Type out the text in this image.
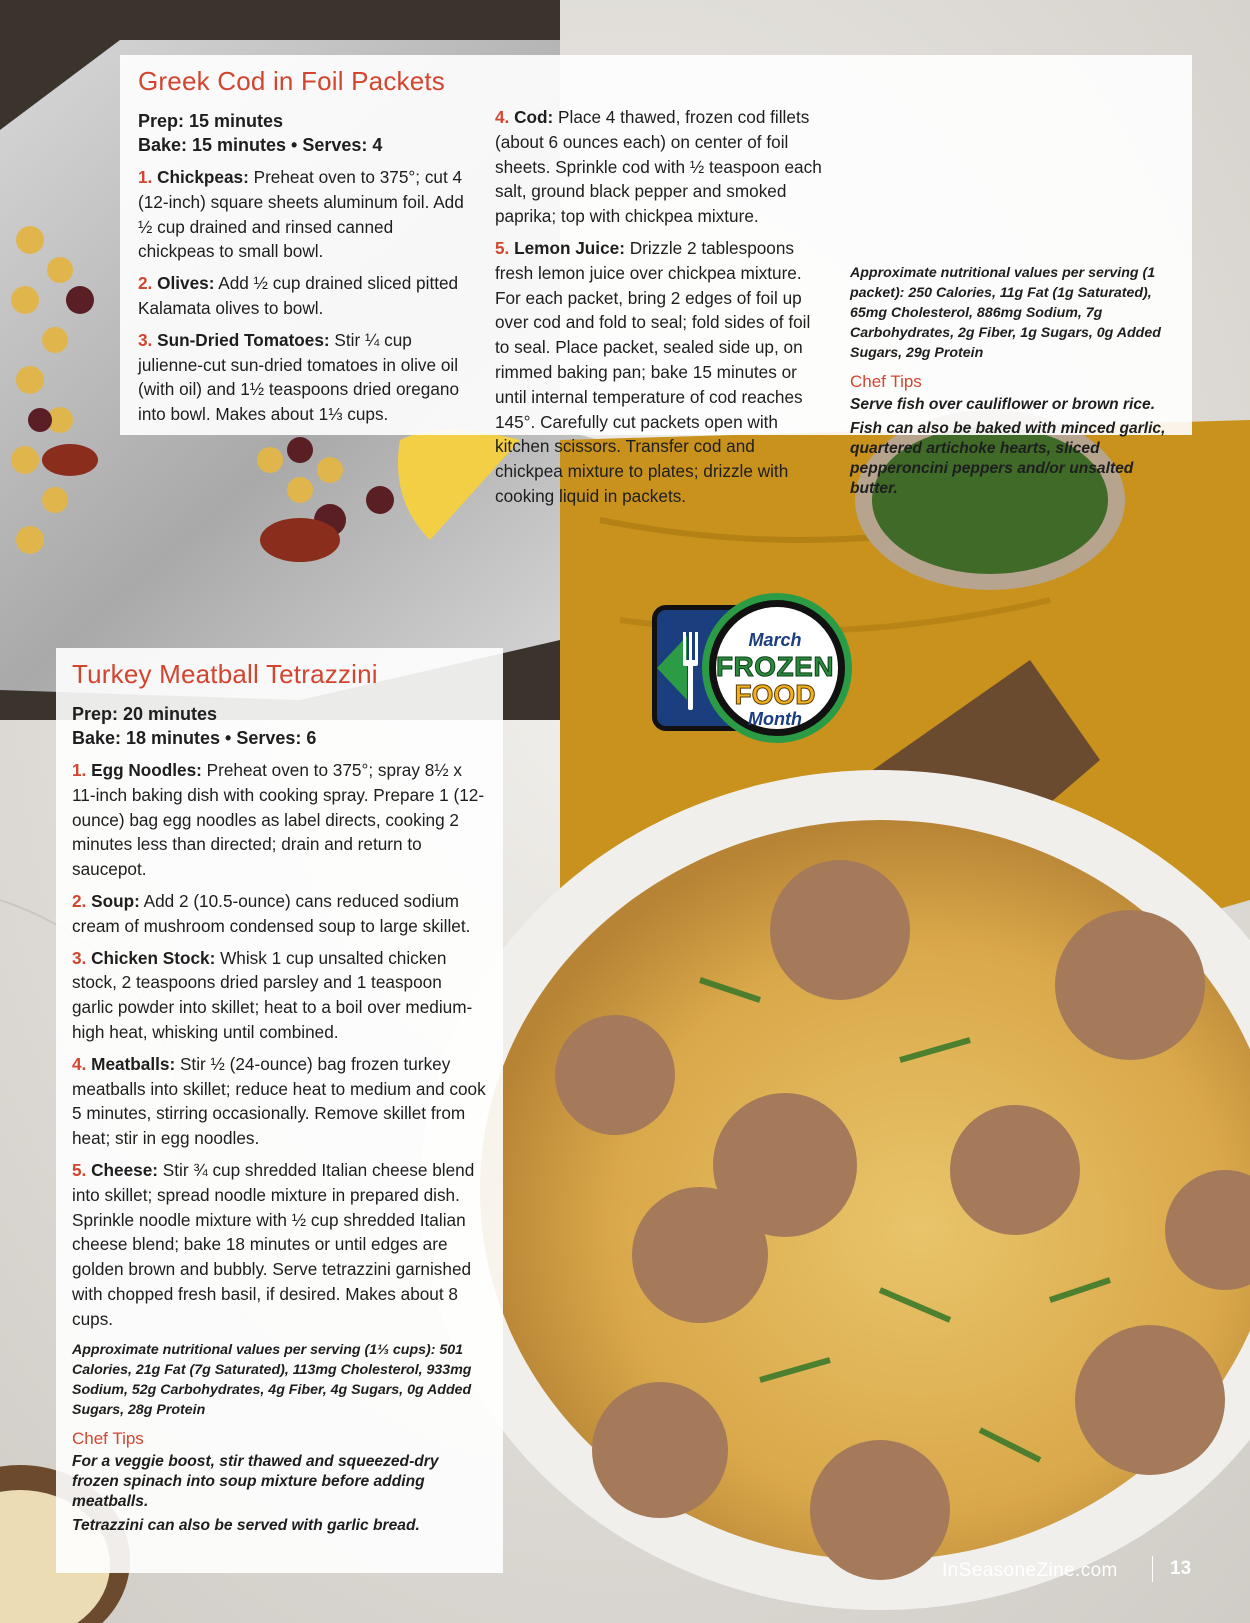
Greek Cod in Foil Packets
Prep: 15 minutes
Bake: 15 minutes • Serves: 4

1. Chickpeas: Preheat oven to 375°; cut 4 (12-inch) square sheets aluminum foil. Add ½ cup drained and rinsed canned chickpeas to small bowl.

2. Olives: Add ½ cup drained sliced pitted Kalamata olives to bowl.

3. Sun-Dried Tomatoes: Stir ¼ cup julienne-cut sun-dried tomatoes in olive oil (with oil) and 1½ teaspoons dried oregano into bowl. Makes about 1⅓ cups.

4. Cod: Place 4 thawed, frozen cod fillets (about 6 ounces each) on center of foil sheets. Sprinkle cod with ½ teaspoon each salt, ground black pepper and smoked paprika; top with chickpea mixture.

5. Lemon Juice: Drizzle 2 tablespoons fresh lemon juice over chickpea mixture. For each packet, bring 2 edges of foil up over cod and fold to seal; fold sides of foil to seal. Place packet, sealed side up, on rimmed baking pan; bake 15 minutes or until internal temperature of cod reaches 145°. Carefully cut packets open with kitchen scissors. Transfer cod and chickpea mixture to plates; drizzle with cooking liquid in packets.

Approximate nutritional values per serving (1 packet): 250 Calories, 11g Fat (1g Saturated), 65mg Cholesterol, 886mg Sodium, 7g Carbohydrates, 2g Fiber, 1g Sugars, 0g Added Sugars, 29g Protein

Chef Tips

Serve fish over cauliflower or brown rice.

Fish can also be baked with minced garlic, quartered artichoke hearts, sliced pepperoncini peppers and/or unsalted butter.

March
FROZEN
FOOD
Month
Turkey Meatball Tetrazzini
Prep: 20 minutes
Bake: 18 minutes • Serves: 6

1. Egg Noodles: Preheat oven to 375°; spray 8½ x 11-inch baking dish with cooking spray. Prepare 1 (12-ounce) bag egg noodles as label directs, cooking 2 minutes less than directed; drain and return to saucepot.

2. Soup: Add 2 (10.5-ounce) cans reduced sodium cream of mushroom condensed soup to large skillet.

3. Chicken Stock: Whisk 1 cup unsalted chicken stock, 2 teaspoons dried parsley and 1 teaspoon garlic powder into skillet; heat to a boil over medium-high heat, whisking until combined.

4. Meatballs: Stir ½ (24-ounce) bag frozen turkey meatballs into skillet; reduce heat to medium and cook 5 minutes, stirring occasionally. Remove skillet from heat; stir in egg noodles.

5. Cheese: Stir ¾ cup shredded Italian cheese blend into skillet; spread noodle mixture in prepared dish. Sprinkle noodle mixture with ½ cup shredded Italian cheese blend; bake 18 minutes or until edges are golden brown and bubbly. Serve tetrazzini garnished with chopped fresh basil, if desired. Makes about 8 cups.

Approximate nutritional values per serving (1⅓ cups): 501 Calories, 21g Fat (7g Saturated), 113mg Cholesterol, 933mg Sodium, 52g Carbohydrates, 4g Fiber, 4g Sugars, 0g Added Sugars, 28g Protein

Chef Tips

For a veggie boost, stir thawed and squeezed-dry frozen spinach into soup mixture before adding meatballs.

Tetrazzini can also be served with garlic bread.

InSeasoneZine.com	13
